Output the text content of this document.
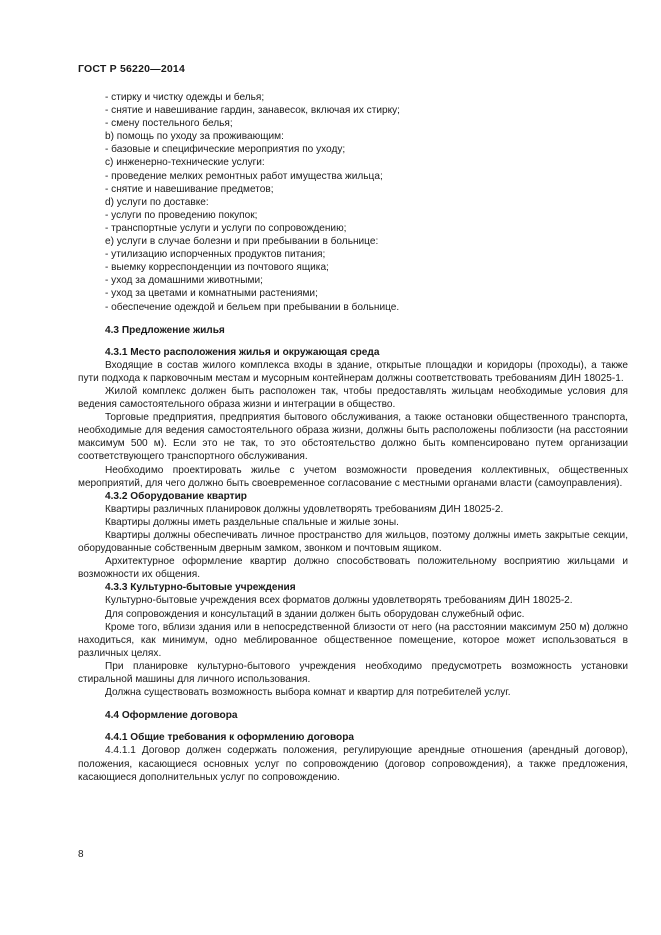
ГОСТ Р 56220—2014

- стирку и чистку одежды и белья;

- снятие и навешивание гардин, занавесок, включая их стирку;

- смену постельного белья;

b) помощь по уходу за проживающим:

- базовые и специфические мероприятия по уходу;

с) инженерно-технические услуги:

- проведение мелких ремонтных работ имущества жильца;

- снятие и навешивание предметов;

d) услуги по доставке:

- услуги по проведению покупок;

- транспортные услуги и услуги по сопровождению;

е) услуги в случае болезни и при пребывании в больнице:

- утилизацию испорченных продуктов питания;

- выемку корреспонденции из почтового ящика;

- уход за домашними животными;

- уход за цветами и комнатными растениями;

- обеспечение одеждой и бельем при пребывании в больнице.

4.3 Предложение жилья

4.3.1 Место расположения жилья и окружающая среда

Входящие в состав жилого комплекса входы в здание, открытые площадки и коридоры (проходы), а также пути подхода к парковочным местам и мусорным контейнерам должны соответствовать требованиям ДИН 18025-1.

Жилой комплекс должен быть расположен так, чтобы предоставлять жильцам необходимые условия для ведения самостоятельного образа жизни и интеграции в общество.

Торговые предприятия, предприятия бытового обслуживания, а также остановки общественного транспорта, необходимые для ведения самостоятельного образа жизни, должны быть расположены поблизости (на расстоянии максимум 500 м). Если это не так, то это обстоятельство должно быть компенсировано путем организации соответствующего транспортного обслуживания.

Необходимо проектировать жилье с учетом возможности проведения коллективных, общественных мероприятий, для чего должно быть своевременное согласование с местными органами власти (самоуправления).

4.3.2 Оборудование квартир

Квартиры различных планировок должны удовлетворять требованиям ДИН 18025-2.

Квартиры должны иметь раздельные спальные и жилые зоны.

Квартиры должны обеспечивать личное пространство для жильцов, поэтому должны иметь закрытые секции, оборудованные собственным дверным замком, звонком и почтовым ящиком.

Архитектурное оформление квартир должно способствовать положительному восприятию жильцами и возможности их общения.

4.3.3 Культурно-бытовые учреждения

Культурно-бытовые учреждения всех форматов должны удовлетворять требованиям ДИН 18025-2.

Для сопровождения и консультаций в здании должен быть оборудован служебный офис.

Кроме того, вблизи здания или в непосредственной близости от него (на расстоянии максимум 250 м) должно находиться, как минимум, одно меблированное общественное помещение, которое может использоваться в различных целях.

При планировке культурно-бытового учреждения необходимо предусмотреть возможность установки стиральной машины для личного использования.

Должна существовать возможность выбора комнат и квартир для потребителей услуг.

4.4 Оформление договора

4.4.1 Общие требования к оформлению договора

4.4.1.1 Договор должен содержать положения, регулирующие арендные отношения (арендный договор), положения, касающиеся основных услуг по сопровождению (договор сопровождения), а также предложения, касающиеся дополнительных услуг по сопровождению.

8
